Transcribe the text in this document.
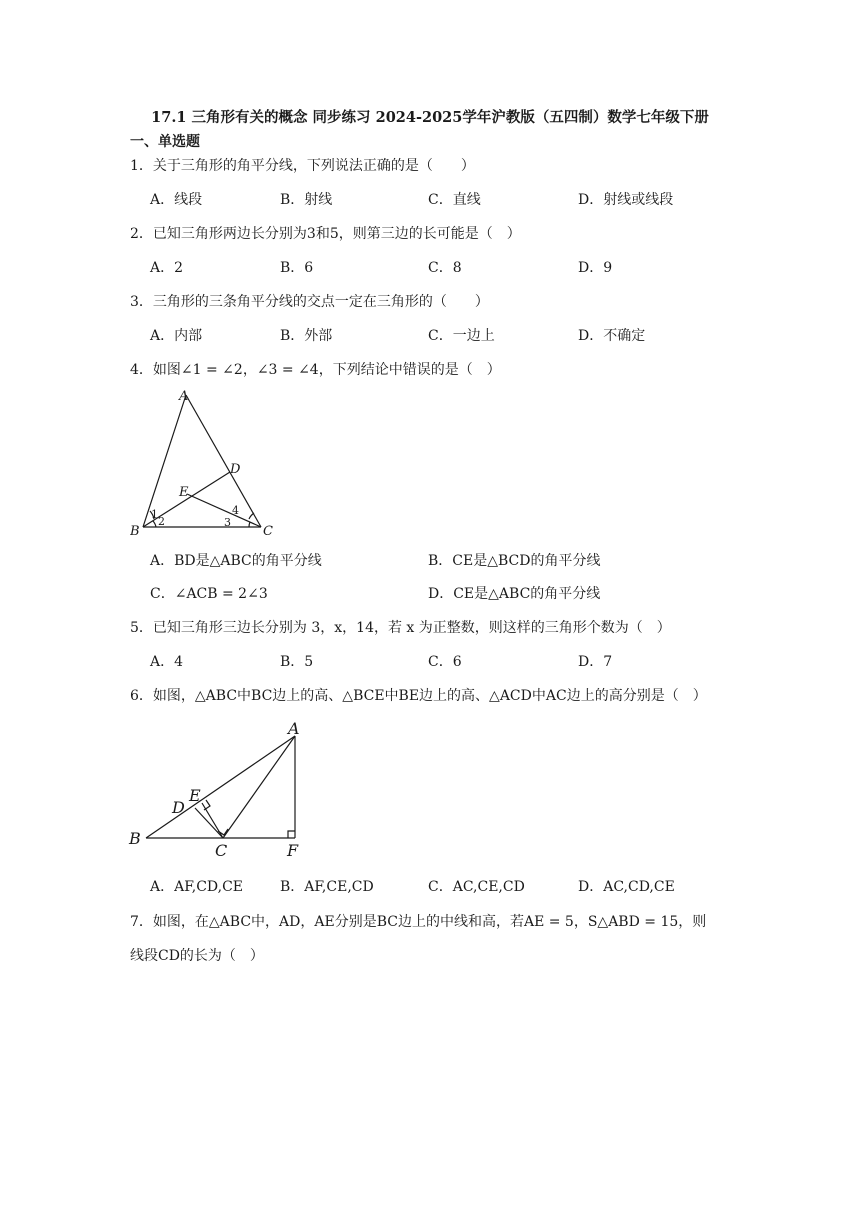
17.1 三角形有关的概念 同步练习 2024-2025学年沪教版（五四制）数学七年级下册
一、单选题
1．关于三角形的角平分线，下列说法正确的是（　　）
A．线段	B．射线	C．直线	D．射线或线段
2．已知三角形两边长分别为3和5，则第三边的长可能是（　）
A．2	B．6	C．8	D．9
3．三角形的三条角平分线的交点一定在三角形的（　　）
A．内部	B．外部	C．一边上	D．不确定
4．如图∠1 = ∠2，∠3 = ∠4，下列结论中错误的是（　）
A
D
E
B	C
1
2	3
4
A．BD是△ABC的角平分线	B．CE是△BCD的角平分线
C．∠ACB = 2∠3	D．CE是△ABC的角平分线
5．已知三角形三边长分别为 3，x，14，若 x 为正整数，则这样的三角形个数为（　）
A．4	B．5	C．6	D．7
6．如图，△ABC中BC边上的高、△BCE中BE边上的高、△ACD中AC边上的高分别是（　）
A
E
D
B
C	F
A．AF,CD,CE	B．AF,CE,CD	C．AC,CE,CD	D．AC,CD,CE
7．如图，在△ABC中，AD，AE分别是BC边上的中线和高，若AE = 5，S△ABD = 15，则
线段CD的长为（　）
